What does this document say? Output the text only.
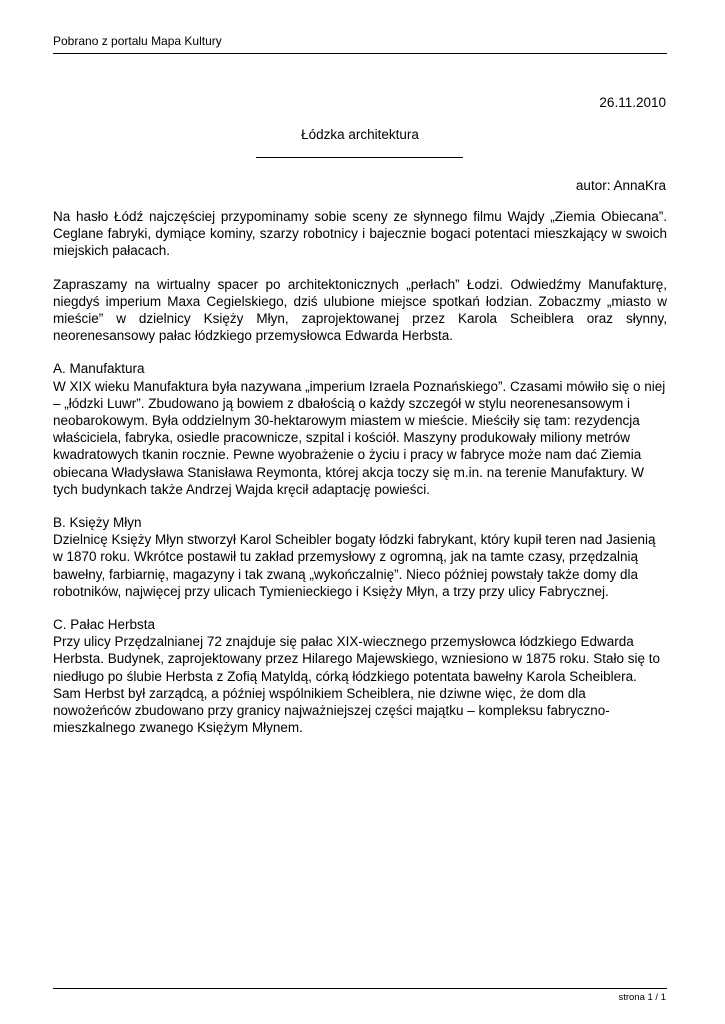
Pobrano z portalu Mapa Kultury
26.11.2010
Łódzka architektura
autor: AnnaKra

Na hasło Łódź najczęściej przypominamy sobie sceny ze słynnego filmu Wajdy „Ziemia Obiecana”. Ceglane fabryki, dymiące kominy, szarzy robotnicy i bajecznie bogaci potentaci mieszkający w swoich miejskich pałacach.

Zapraszamy na wirtualny spacer po architektonicznych „perłach” Łodzi. Odwiedźmy Manufakturę, niegdyś imperium Maxa Cegielskiego, dziś ulubione miejsce spotkań łodzian. Zobaczmy „miasto w mieście” w dzielnicy Księży Młyn, zaprojektowanej przez Karola Scheiblera oraz słynny, neorenesansowy pałac łódzkiego przemysłowca Edwarda Herbsta.

A. Manufaktura
W XIX wieku Manufaktura była nazywana „imperium Izraela Poznańskiego”. Czasami mówiło się o niej – „łódzki Luwr”. Zbudowano ją bowiem z dbałością o każdy szczegół w stylu neorenesansowym i neobarokowym. Była oddzielnym 30-hektarowym miastem w mieście. Mieściły się tam: rezydencja właściciela, fabryka, osiedle pracownicze, szpital i kościół. Maszyny produkowały miliony metrów kwadratowych tkanin rocznie. Pewne wyobrażenie o życiu i pracy w fabryce może nam dać Ziemia obiecana Władysława Stanisława Reymonta, której akcja toczy się m.in. na terenie Manufaktury. W tych budynkach także Andrzej Wajda kręcił adaptację powieści.
B. Księży Młyn
Dzielnicę Księży Młyn stworzył Karol Scheibler bogaty łódzki fabrykant, który kupił teren nad Jasienią w 1870 roku. Wkrótce postawił tu zakład przemysłowy z ogromną, jak na tamte czasy, przędzalnią bawełny, farbiarnię, magazyny i tak zwaną „wykończalnię”. Nieco później powstały także domy dla robotników, najwięcej przy ulicach Tymienieckiego i Księży Młyn, a trzy przy ulicy Fabrycznej.
C. Pałac Herbsta
Przy ulicy Przędzalnianej 72 znajduje się pałac XIX-wiecznego przemysłowca łódzkiego Edwarda Herbsta. Budynek, zaprojektowany przez Hilarego Majewskiego, wzniesiono w 1875 roku. Stało się to niedługo po ślubie Herbsta z Zofią Matyldą, córką łódzkiego potentata bawełny Karola Scheiblera. Sam Herbst był zarządcą, a później wspólnikiem Scheiblera, nie dziwne więc, że dom dla nowożeńców zbudowano przy granicy najważniejszej części majątku – kompleksu fabryczno-mieszkalnego zwanego Księżym Młynem.
strona 1 / 1
